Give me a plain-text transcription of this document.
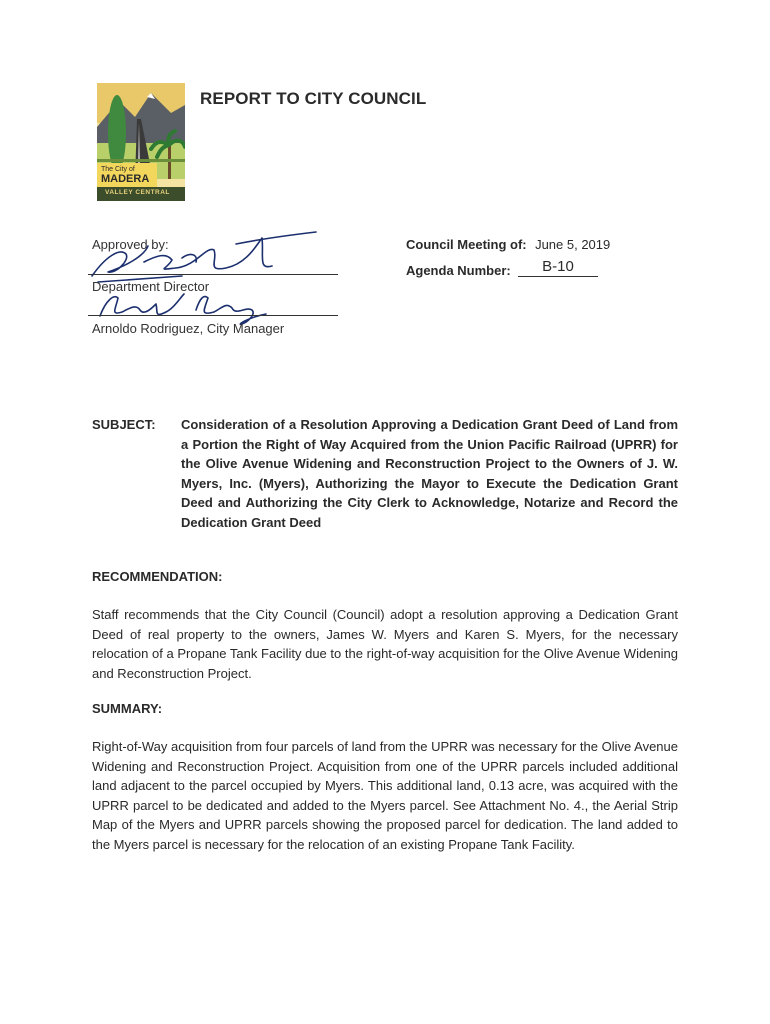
The City of
MADERA
VALLEY CENTRAL
REPORT TO CITY COUNCIL
Approved by:
Department Director
Arnoldo Rodriguez, City Manager
Council Meeting of: June 5, 2019
Agenda Number:	B-10
SUBJECT: Consideration of a Resolution Approving a Dedication Grant Deed of Land from a Portion the Right of Way Acquired from the Union Pacific Railroad (UPRR) for the Olive Avenue Widening and Reconstruction Project to the Owners of J. W. Myers, Inc. (Myers), Authorizing the Mayor to Execute the Dedication Grant Deed and Authorizing the City Clerk to Acknowledge, Notarize and Record the Dedication Grant Deed
RECOMMENDATION:
Staff recommends that the City Council (Council) adopt a resolution approving a Dedication Grant Deed of real property to the owners, James W. Myers and Karen S. Myers, for the necessary relocation of a Propane Tank Facility due to the right-of-way acquisition for the Olive Avenue Widening and Reconstruction Project.
SUMMARY:
Right-of-Way acquisition from four parcels of land from the UPRR was necessary for the Olive Avenue Widening and Reconstruction Project. Acquisition from one of the UPRR parcels included additional land adjacent to the parcel occupied by Myers. This additional land, 0.13 acre, was acquired with the UPRR parcel to be dedicated and added to the Myers parcel. See Attachment No. 4., the Aerial Strip Map of the Myers and UPRR parcels showing the proposed parcel for dedication. The land added to the Myers parcel is necessary for the relocation of an existing Propane Tank Facility.
